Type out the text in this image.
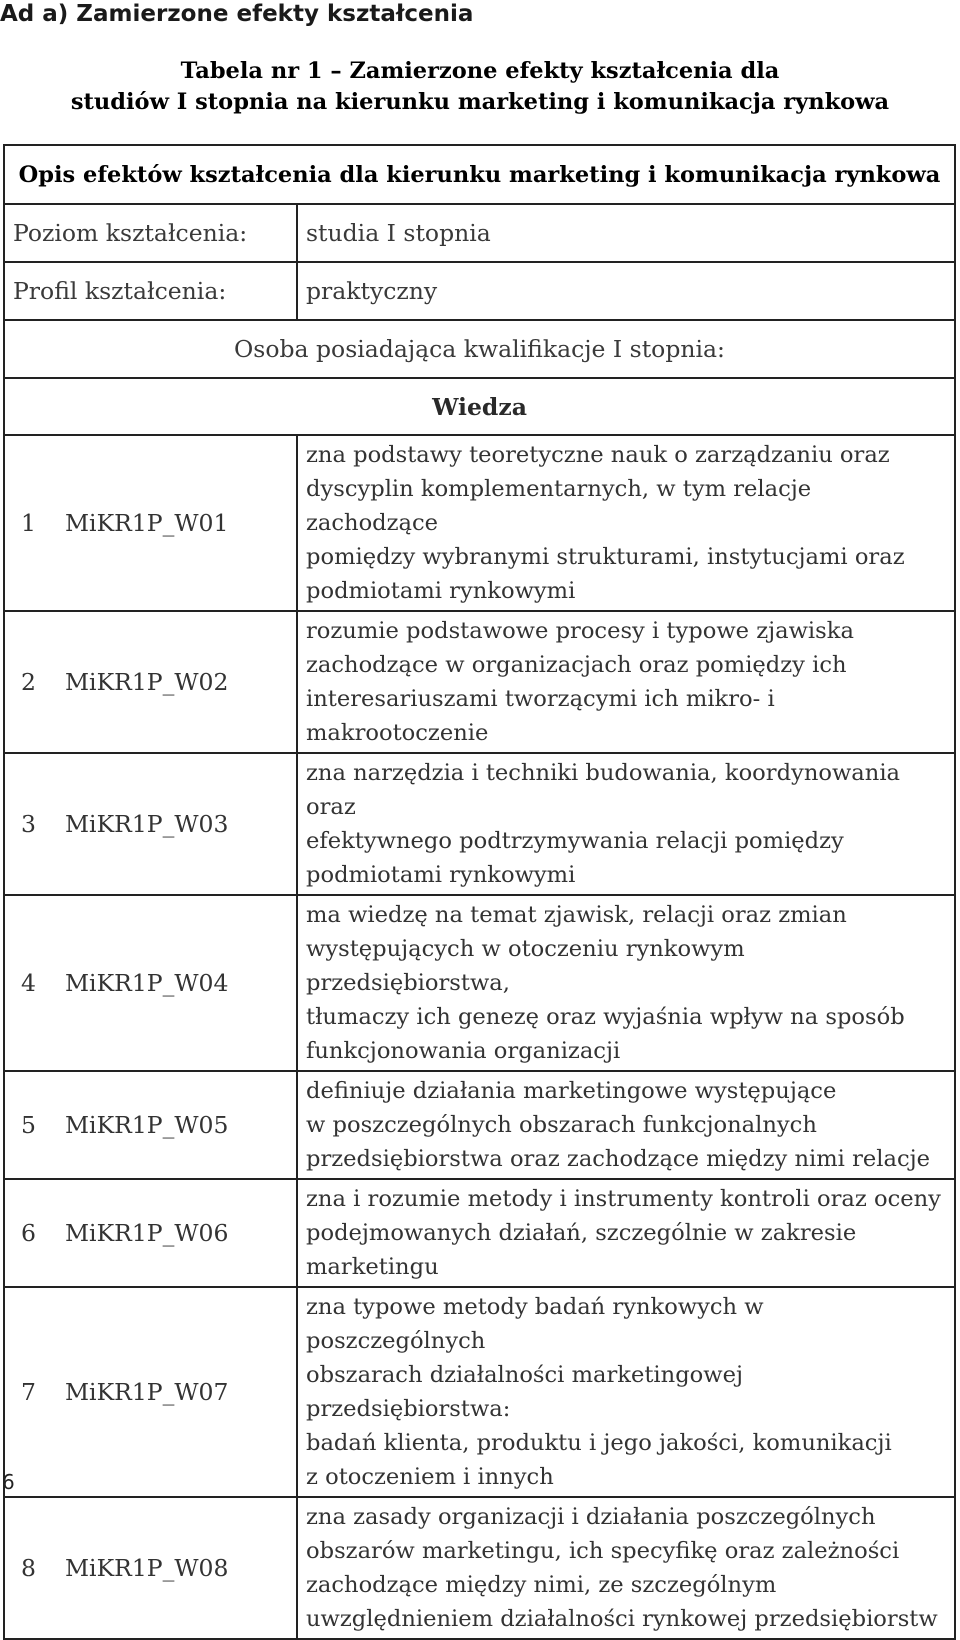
Ad a) Zamierzone efekty kształcenia
Tabela nr 1 – Zamierzone efekty kształcenia dla
studiów I stopnia na kierunku marketing i komunikacja rynkowa
Opis efektów kształcenia dla kierunku marketing i komunikacja rynkowa	
Poziom kształcenia:	studia I stopnia
Profil kształcenia:	praktyczny
Osoba posiadająca kwalifikacje I stopnia:	
Wiedza	
1 MiKR1P_W01	zna podstawy teoretyczne nauk o zarządzaniu oraz
dyscyplin komplementarnych, w tym relacje zachodzące
pomiędzy wybranymi strukturami, instytucjami oraz
podmiotami rynkowymi

2 MiKR1P_W02	rozumie podstawowe procesy i typowe zjawiska
zachodzące w organizacjach oraz pomiędzy ich
interesariuszami tworzącymi ich mikro- i makrootoczenie

3 MiKR1P_W03	zna narzędzia i techniki budowania, koordynowania oraz
efektywnego podtrzymywania relacji pomiędzy
podmiotami rynkowymi

4 MiKR1P_W04	ma wiedzę na temat zjawisk, relacji oraz zmian
występujących w otoczeniu rynkowym przedsiębiorstwa,
tłumaczy ich genezę oraz wyjaśnia wpływ na sposób
funkcjonowania organizacji

5 MiKR1P_W05	definiuje działania marketingowe występujące
w poszczególnych obszarach funkcjonalnych
przedsiębiorstwa oraz zachodzące między nimi relacje

6 MiKR1P_W06	zna i rozumie metody i instrumenty kontroli oraz oceny
podejmowanych działań, szczególnie w zakresie
marketingu

7 MiKR1P_W07	zna typowe metody badań rynkowych w poszczególnych
obszarach działalności marketingowej przedsiębiorstwa:
badań klienta, produktu i jego jakości, komunikacji
z otoczeniem i innych

8 MiKR1P_W08	zna zasady organizacji i działania poszczególnych
obszarów marketingu, ich specyfikę oraz zależności
zachodzące między nimi, ze szczególnym
uwzględnieniem działalności rynkowej przedsiębiorstw
6
